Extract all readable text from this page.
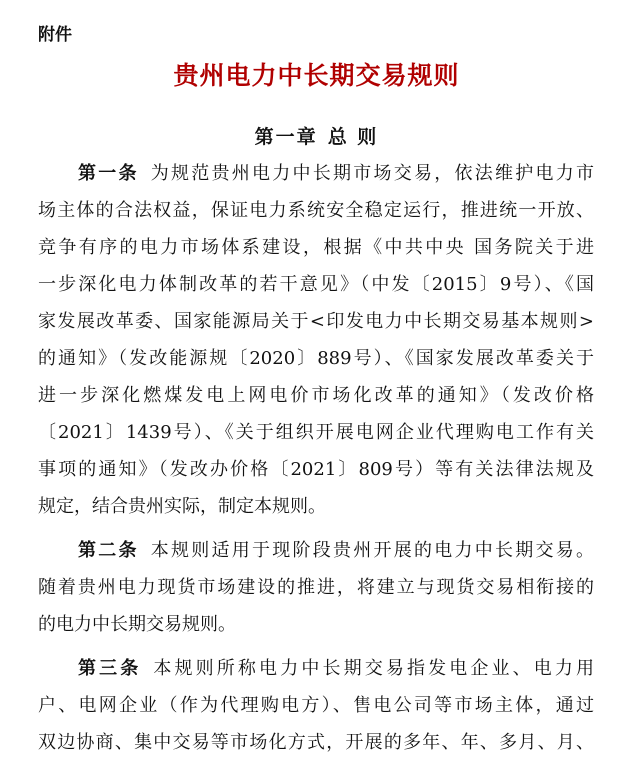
附件
贵州电力中长期交易规则
第一章 总 则
第一条 为规范贵州电力中长期市场交易，依法维护电力市
场主体的合法权益，保证电力系统安全稳定运行，推进统一开放、
竞争有序的电力市场体系建设，根据《中共中央 国务院关于进
一步深化电力体制改革的若干意见》（中发〔2015〕9号）、《国
家发展改革委、国家能源局关于<印发电力中长期交易基本规则>
的通知》（发改能源规〔2020〕889号）、《国家发展改革委关于
进一步深化燃煤发电上网电价市场化改革的通知》（发改价格
〔2021〕1439号）、《关于组织开展电网企业代理购电工作有关
事项的通知》（发改办价格〔2021〕809号）等有关法律法规及
规定，结合贵州实际，制定本规则。
第二条 本规则适用于现阶段贵州开展的电力中长期交易。
随着贵州电力现货市场建设的推进，将建立与现货交易相衔接的
的电力中长期交易规则。
第三条 本规则所称电力中长期交易指发电企业、电力用
户、电网企业（作为代理购电方）、售电公司等市场主体，通过
双边协商、集中交易等市场化方式，开展的多年、年、多月、月、
